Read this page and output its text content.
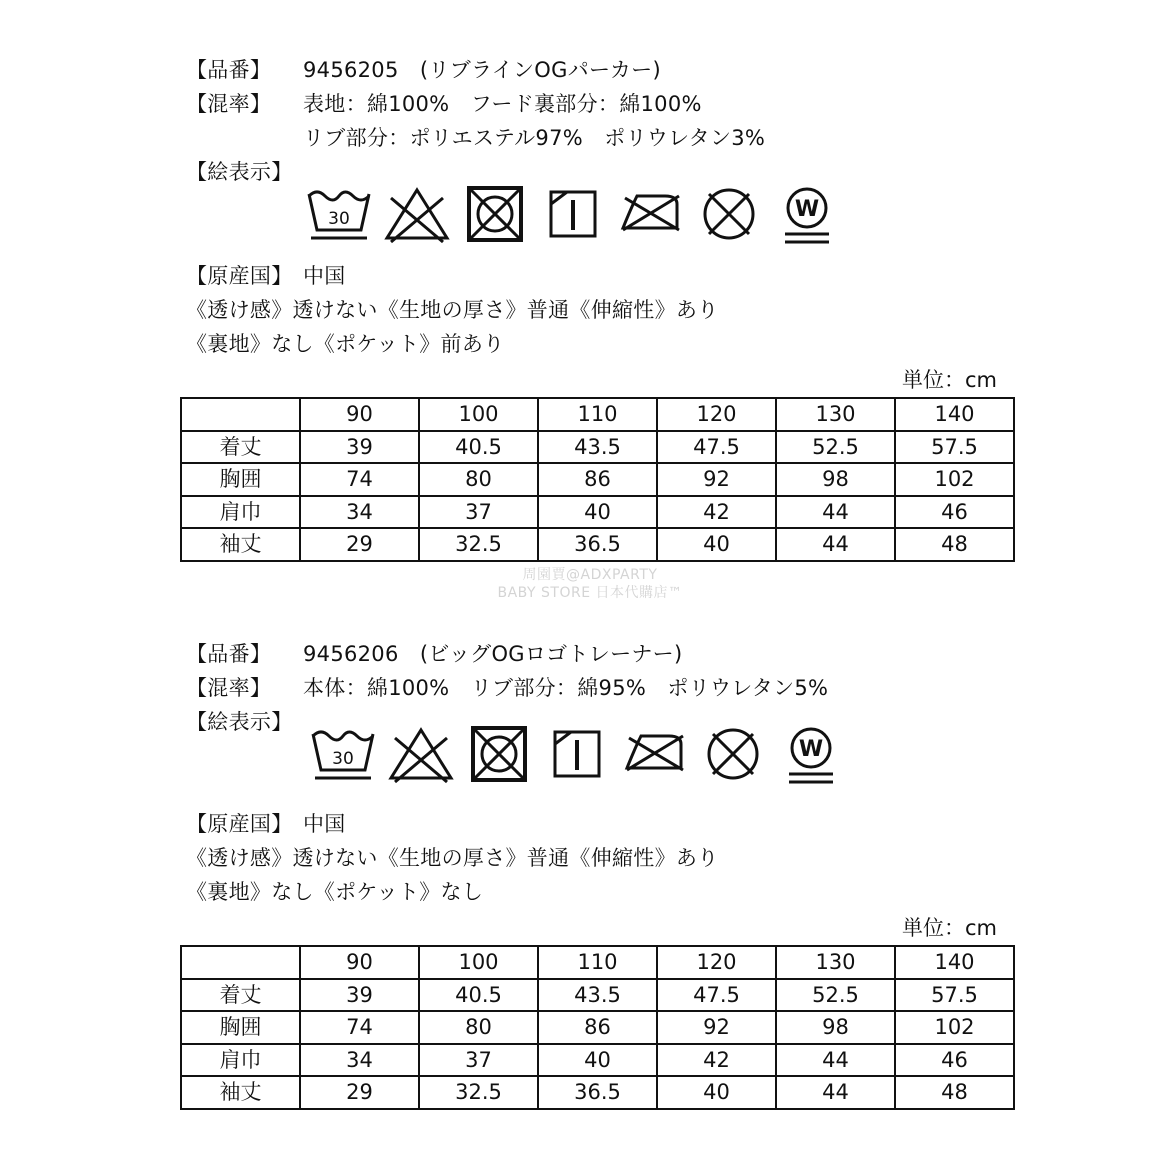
【品番】 9456205　(リブラインOGパーカー)
【混率】 表地：綿100%　フード裏部分：綿100%
リブ部分：ポリエステル97%　ポリウレタン3%
【絵表示】
30	W
【原産国】 中国
《透け感》透けない《生地の厚さ》普通《伸縮性》あり
《裏地》なし《ポケット》前あり
単位：cm
	90	100	110	120	130	140
着丈	39	40.5	43.5	47.5	52.5	57.5
胸囲	74	80	86	92	98	102
肩巾	34	37	40	42	44	46
袖丈	29	32.5	36.5	40	44	48
周園賈@ADXPARTY
BABY STORE 日本代購店™
【品番】 9456206　(ビッグOGロゴトレーナー)
【混率】 本体：綿100%　リブ部分：綿95%　ポリウレタン5%
【絵表示】
30	W
【原産国】 中国
《透け感》透けない《生地の厚さ》普通《伸縮性》あり
《裏地》なし《ポケット》なし
単位：cm
	90	100	110	120	130	140
着丈	39	40.5	43.5	47.5	52.5	57.5
胸囲	74	80	86	92	98	102
肩巾	34	37	40	42	44	46
袖丈	29	32.5	36.5	40	44	48
